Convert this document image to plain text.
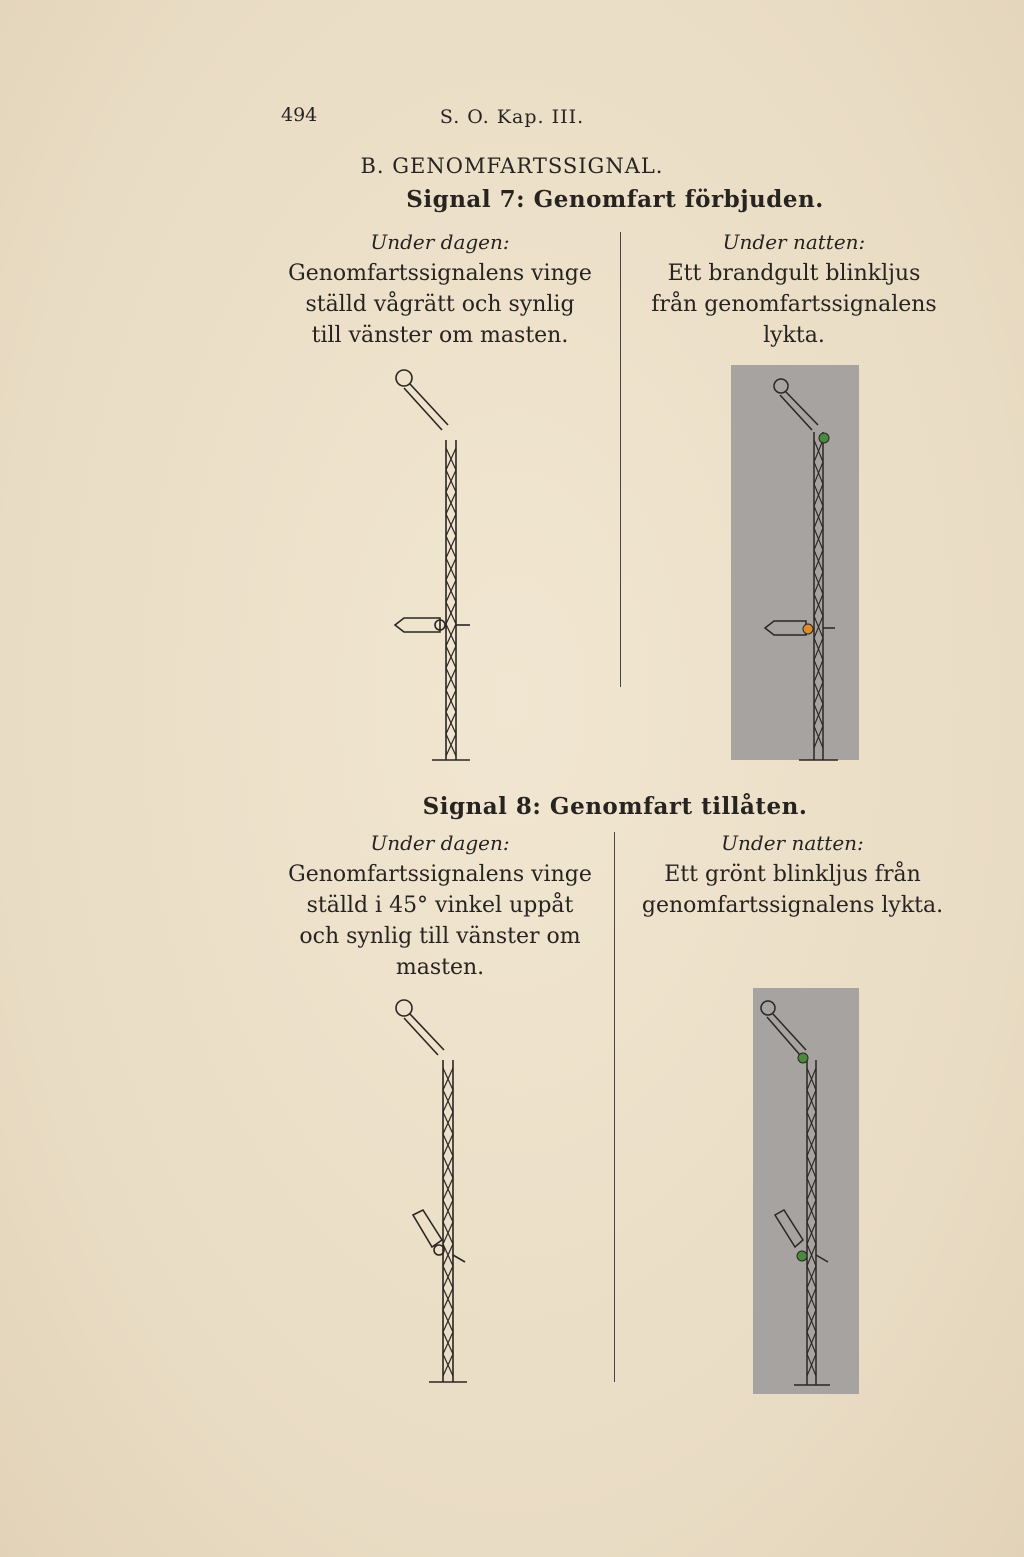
494	S. O. Kap. III.
B. GENOMFARTSSIGNAL.
Signal 7: Genomfart förbjuden.
Under dagen:
Genomfartssignalens vinge
ställd vågrätt och synlig
till vänster om masten.
Under natten:
Ett brandgult blinkljus
från genomfartssignalens
lykta.
Signal 8: Genomfart tillåten.
Under dagen:
Genomfartssignalens vinge
ställd i 45° vinkel uppåt
och synlig till vänster om
masten.
Under natten:
Ett grönt blinkljus från
genomfartssignalens lykta.
